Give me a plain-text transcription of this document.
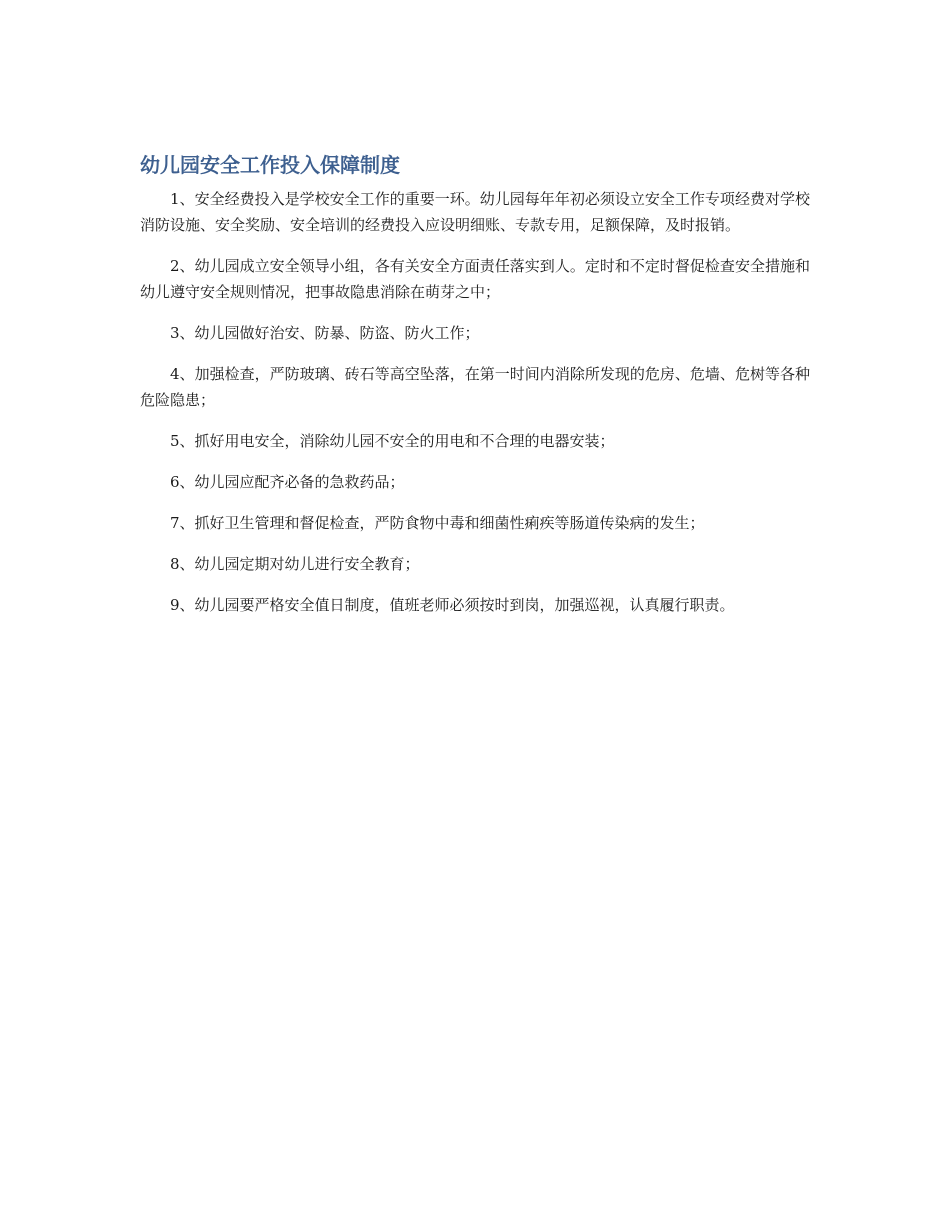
幼儿园安全工作投入保障制度

1、安全经费投入是学校安全工作的重要一环。幼儿园每年年初必须设立安全工作专项经费对学校消防设施、安全奖励、安全培训的经费投入应设明细账、专款专用，足额保障，及时报销。

2、幼儿园成立安全领导小组，各有关安全方面责任落实到人。定时和不定时督促检查安全措施和幼儿遵守安全规则情况，把事故隐患消除在萌芽之中；

3、幼儿园做好治安、防暴、防盗、防火工作；

4、加强检查，严防玻璃、砖石等高空坠落，在第一时间内消除所发现的危房、危墙、危树等各种危险隐患；

5、抓好用电安全，消除幼儿园不安全的用电和不合理的电器安装；

6、幼儿园应配齐必备的急救药品；

7、抓好卫生管理和督促检查，严防食物中毒和细菌性痢疾等肠道传染病的发生；

8、幼儿园定期对幼儿进行安全教育；

9、幼儿园要严格安全值日制度，值班老师必须按时到岗，加强巡视，认真履行职责。
